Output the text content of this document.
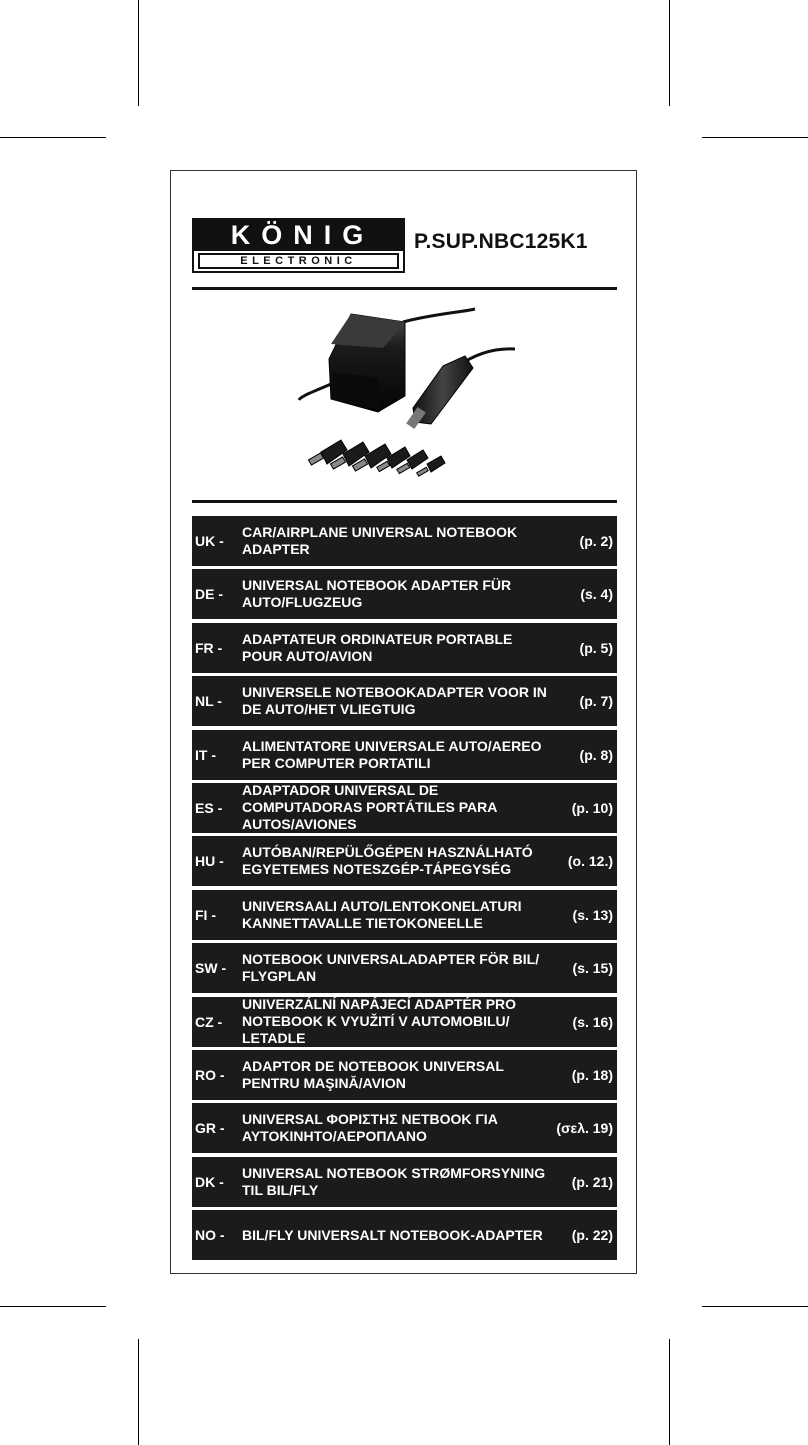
KÖNIG
ELECTRONIC
P.SUP.NBC125K1
UK -
CAR/AIRPLANE UNIVERSAL NOTEBOOK ADAPTER	(p. 2)
DE -
UNIVERSAL NOTEBOOK ADAPTER FÜR AUTO/FLUGZEUG	(s. 4)
FR -
ADAPTATEUR ORDINATEUR PORTABLE POUR AUTO/AVION	(p. 5)
NL -
UNIVERSELE NOTEBOOKADAPTER VOOR IN DE AUTO/HET VLIEGTUIG	(p. 7)
IT -
ALIMENTATORE UNIVERSALE AUTO/AEREO PER COMPUTER PORTATILI	(p. 8)
ES -
ADAPTADOR UNIVERSAL DE COMPUTADORAS PORTÁTILES PARA AUTOS/AVIONES
(p. 10)
HU -
AUTÓBAN/REPÜLŐGÉPEN HASZNÁLHATÓ EGYETEMES NOTESZGÉP-TÁPEGYSÉG	(o. 12.)
FI -
UNIVERSAALI AUTO/LENTOKONELATURI KANNETTAVALLE TIETOKONEELLE	(s. 13)
SW -
NOTEBOOK UNIVERSALADAPTER FÖR BIL/ FLYGPLAN	(s. 15)
CZ -
UNIVERZÁLNÍ NAPÁJECÍ ADAPTÉR PRO NOTEBOOK K VYUŽITÍ V AUTOMOBILU/ LETADLE
(s. 16)
RO -
ADAPTOR DE NOTEBOOK UNIVERSAL PENTRU MAŞINĂ/AVION	(p. 18)
GR -
UNIVERSAL ΦΟΡΙΣΤΗΣ NETBOOK ΓΙΑ ΑΥΤΟΚΙΝΗΤΟ/ΑΕΡΟΠΛΑΝΟ	(σελ. 19)
DK -
UNIVERSAL NOTEBOOK STRØMFORSYNING TIL BIL/FLY	(p. 21)
NO -	BIL/FLY UNIVERSALT NOTEBOOK-ADAPTER	(p. 22)
